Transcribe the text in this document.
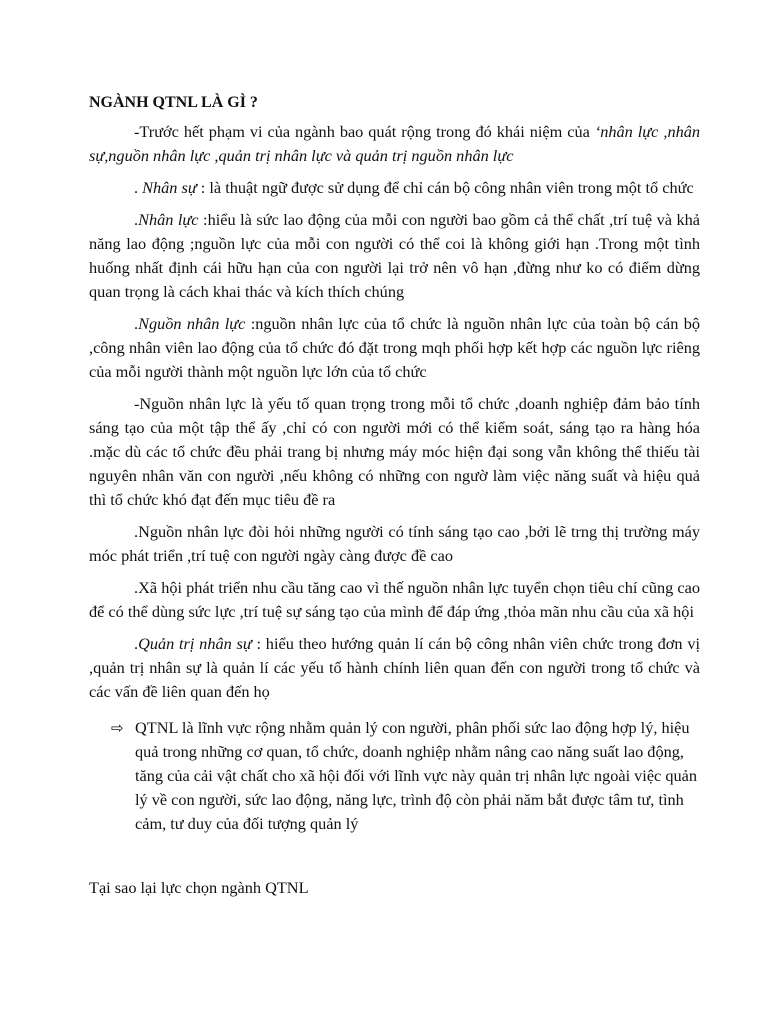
NGÀNH QTNL LÀ GÌ ?

-Trước hết phạm vi của ngành bao quát rộng trong đó khái niệm của ‘nhân lực ,nhân sự,nguồn nhân lực ,quản trị nhân lực và quản trị nguồn nhân lực

. Nhân sự : là thuật ngữ được sử dụng để chỉ cán bộ công nhân viên trong một tổ chức

.Nhân lực :hiểu là sức lao động của mỗi con người bao gồm cả thể chất ,trí tuệ và khả năng lao động ;nguồn lực của mỗi con người có thể coi là không giới hạn .Trong một tình huống nhất định cái hữu hạn của con người lại trở nên vô hạn ,đừng như ko có điểm dừng quan trọng là cách khai thác và kích thích chúng

.Nguồn nhân lực :nguồn nhân lực của tổ chức là nguồn nhân lực của toàn bộ cán bộ ,công nhân viên lao động của tổ chức đó đặt trong mqh phối hợp kết hợp các nguồn lực riêng của mỗi người thành một nguồn lực lớn của tổ chức

-Nguồn nhân lực là yếu tố quan trọng trong mỗi tổ chức ,doanh nghiệp đảm bảo tính sáng tạo của một tập thể ấy ,chỉ có con người mới có thể kiểm soát, sáng tạo ra hàng hóa .mặc dù các tổ chức đều phải trang bị nhưng máy móc hiện đại song vẫn không thể thiếu tài nguyên nhân văn con người ,nếu không có những con ngườ làm việc năng suất và hiệu quả thì tổ chức khó đạt đến mục tiêu đề ra

.Nguồn nhân lực đòi hỏi những người có tính sáng tạo cao ,bởi lẽ trng thị trường máy móc phát triển ,trí tuệ con người ngày càng được đề cao

.Xã hội phát triển nhu cầu tăng cao vì thế nguồn nhân lực tuyển chọn tiêu chí cũng cao để có thể dùng sức lực ,trí tuệ sự sáng tạo của mình để đáp ứng ,thỏa mãn nhu cầu của xã hội

.Quản trị nhân sự : hiểu theo hướng quản lí cán bộ công nhân viên chức trong đơn vị ,quản trị nhân sự là quản lí các yếu tố hành chính liên quan đến con người trong tổ chức và các vấn đề liên quan đến họ

⇨ QTNL là lĩnh vực rộng nhằm quản lý con người, phân phối sức lao động hợp lý, hiệu quả trong những cơ quan, tổ chức, doanh nghiệp nhằm nâng cao năng suất lao động, tăng của cải vật chất cho xã hội đối với lĩnh vực này quản trị nhân lực ngoài việc quản lý về con người, sức lao động, năng lực, trình độ còn phải năm bắt được tâm tư, tình cảm, tư duy của đối tượng quản lý

Tại sao lại lực chọn ngành QTNL
